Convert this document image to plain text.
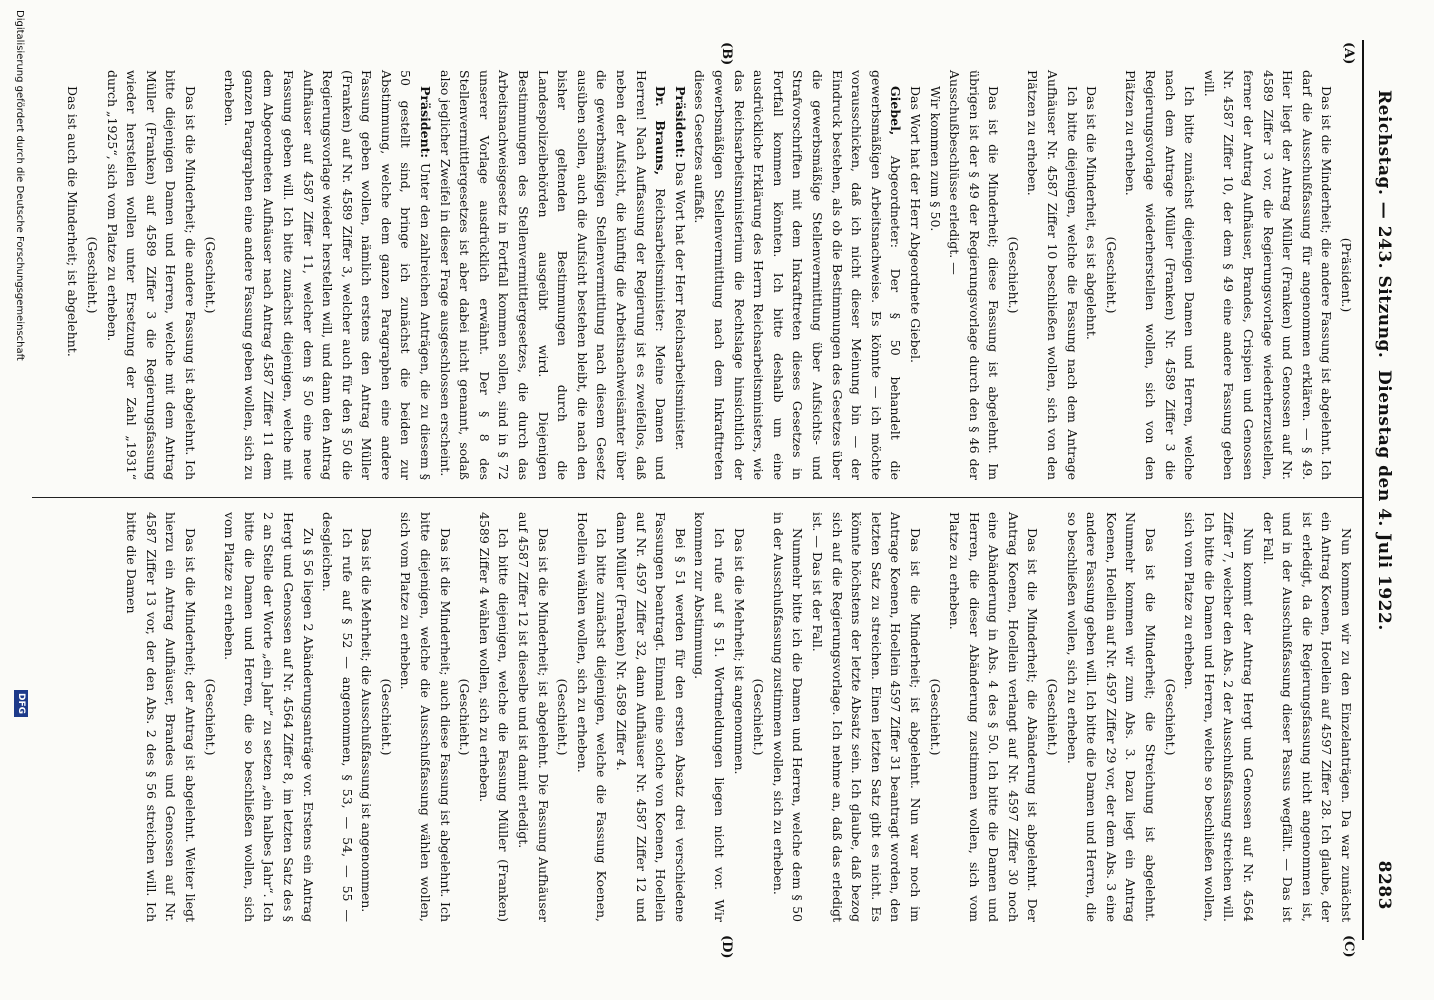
Reichstag. — 243. Sitzung.
Dienstag den 4. Juli 1922.
8283
(A)
(B)
(C)
(D)

(Präsident.)

Das ist die Minderheit; die andere Fassung ist abgelehnt. Ich darf die Ausschußfassung für angenommen erklären. — § 49. Hier liegt der Antrag Müller (Franken) und Genossen auf Nr. 4589 Ziffer 3 vor, die Regierungsvorlage wiederherzustellen, ferner der Antrag Aufhäuser, Brandes, Crispien und Genossen Nr. 4587 Ziffer 10, der dem § 49 eine andere Fassung geben will.

Ich bitte zunächst diejenigen Damen und Herren, welche nach dem Antrage Müller (Franken) Nr. 4589 Ziffer 3 die Regierungsvorlage wiederherstellen wollen, sich von den Plätzen zu erheben.

(Geschieht.)

Das ist die Minderheit, es ist abgelehnt.

Ich bitte diejenigen, welche die Fassung nach dem Antrage Aufhäuser Nr. 4587 Ziffer 10 beschließen wollen, sich von den Plätzen zu erheben.

(Geschieht.)

Das ist die Minderheit; diese Fassung ist abgelehnt. Im übrigen ist der § 49 der Regierungsvorlage durch den § 46 der Ausschußbeschlüsse erledigt. —

Wir kommen zum § 50.

Das Wort hat der Herr Abgeordnete Giebel.

Giebel, Abgeordneter: Der § 50 behandelt die gewerbsmäßigen Arbeitsnachweise. Es könnte — ich möchte vorausschicken, daß ich nicht dieser Meinung bin — der Eindruck bestehen, als ob die Bestimmungen des Gesetzes über die gewerbsmäßige Stellenvermittlung über Aufsichts- und Strafvorschriften mit dem Inkrafttreten dieses Gesetzes in Fortfall kommen könnten. Ich bitte deshalb um eine ausdrückliche Erklärung des Herrn Reichsarbeitsministers, wie das Reichsarbeitsministerium die Rechtslage hinsichtlich der gewerbsmäßigen Stellenvermittlung nach dem Inkrafttreten dieses Gesetzes auffaßt.

Präsident: Das Wort hat der Herr Reichsarbeitsminister.

Dr. Brauns, Reichsarbeitsminister: Meine Damen und Herren! Nach Auffassung der Regierung ist es zweifellos, daß neben der Aufsicht, die künftig die Arbeitsnachweisämter über die gewerbsmäßigen Stellenvermittlung nach diesem Gesetz ausüben sollen, auch die Aufsicht bestehen bleibt, die nach den bisher geltenden Bestimmungen durch die Landespolizeibehörden ausgeübt wird. Diejenigen Bestimmungen des Stellenvermittlergesetzes, die durch das Arbeitsnachweisgesetz in Fortfall kommen sollen, sind in § 72 unserer Vorlage ausdrücklich erwähnt. Der § 8 des Stellenvermittlergesetzes ist aber dabei nicht genannt, sodaß also jeglicher Zweifel in dieser Frage ausgeschlossen erscheint.

Präsident: Unter den zahlreichen Anträgen, die zu diesem § 50 gestellt sind, bringe ich zunächst die beiden zur Abstimmung, welche dem ganzen Paragraphen eine andere Fassung geben wollen, nämlich erstens den Antrag Müller (Franken) auf Nr. 4589 Ziffer 3, welcher auch für den § 50 die Regierungsvorlage wieder herstellen will, und dann den Antrag Aufhäuser auf 4587 Ziffer 11, welcher dem § 50 eine neue Fassung geben will. Ich bitte zunächst diejenigen, welche mit dem Abgeordneten Aufhäuser nach Antrag 4587 Ziffer 11 dem ganzen Paragraphen eine andere Fassung geben wollen, sich zu erheben.

(Geschieht.)

Das ist die Minderheit; die andere Fassung ist abgelehnt. Ich bitte diejenigen Damen und Herren, welche mit dem Antrag Müller (Franken) auf 4589 Ziffer 3 die Regierungsfassung wieder herstellen wollen unter Ersetzung der Zahl „1931“ durch „1925“, sich vom Platze zu erheben.

(Geschieht.)

Das ist auch die Minderheit; ist abgelehnt.

Nun kommen wir zu den Einzelanträgen. Da war zunächst ein Antrag Koenen, Hoellein auf 4597 Ziffer 28. Ich glaube, der ist erledigt, da die Regierungsfassung nicht angenommen ist, und in der Ausschußfassung dieser Passus wegfällt. — Das ist der Fall.

Nun kommt der Antrag Hergt und Genossen auf Nr. 4564 Ziffer 7, welcher den Abs. 2 der Ausschußfassung streichen will. Ich bitte die Damen und Herren, welche so beschließen wollen, sich vom Platze zu erheben.

(Geschieht.)

Das ist die Minderheit; die Streichung ist abgelehnt. Nunmehr kommen wir zum Abs. 3. Dazu liegt ein Antrag Koenen, Hoellein auf Nr. 4597 Ziffer 29 vor, der dem Abs. 3 eine andere Fassung geben will. Ich bitte die Damen und Herren, die so beschließen wollen, sich zu erheben.

(Geschieht.)

Das ist die Minderheit; die Abänderung ist abgelehnt. Der Antrag Koenen, Hoellein verlangt auf Nr. 4597 Ziffer 30 noch eine Abänderung in Abs. 4 des § 50. Ich bitte die Damen und Herren, die dieser Abänderung zustimmen wollen, sich vom Platze zu erheben.

(Geschieht.)

Das ist die Minderheit; ist abgelehnt. Nun war noch im Antrage Koenen, Hoellein 4597 Ziffer 31 beantragt worden, den letzten Satz zu streichen. Einen letzten Satz gibt es nicht. Es könnte höchstens der letzte Absatz sein. Ich glaube, daß bezog sich auf die Regierungsvorlage. Ich nehme an, daß das erledigt ist. — Das ist der Fall.

Nunmehr bitte ich die Damen und Herren, welche dem § 50 in der Ausschußfassung zustimmen wollen, sich zu erheben.

(Geschieht.)

Das ist die Mehrheit; ist angenommen.

Ich rufe auf § 51. Wortmeldungen liegen nicht vor. Wir kommen zur Abstimmung.

Bei § 51 werden für den ersten Absatz drei verschiedene Fassungen beantragt. Einmal eine solche von Koenen, Hoellein auf Nr. 4597 Ziffer 32, dann Aufhäuser Nr. 4587 Ziffer 12 und dann Müller (Franken) Nr. 4589 Ziffer 4.

Ich bitte zunächst diejenigen, welche die Fassung Koenen, Hoellein wählen wollen, sich zu erheben.

(Geschieht.)

Das ist die Minderheit; ist abgelehnt. Die Fassung Aufhäuser auf 4587 Ziffer 12 ist dieselbe und ist damit erledigt.

Ich bitte diejenigen, welche die Fassung Müller (Franken) 4589 Ziffer 4 wählen wollen, sich zu erheben.

(Geschieht.)

Das ist die Minderheit; auch diese Fassung ist abgelehnt. Ich bitte diejenigen, welche die Ausschußfassung wählen wollen, sich vom Platze zu erheben.

(Geschieht.)

Das ist die Mehrheit; die Ausschußfassung ist angenommen.

Ich rufe auf § 52 — angenommen, § 53, — 54, — 55 — desgleichen.

Zu § 56 liegen 2 Abänderungsanträge vor. Erstens ein Antrag Hergt und Genossen auf Nr. 4564 Ziffer 8, im letzten Satz des § 2 an Stelle der Worte „ein Jahr“ zu setzen „ein halbes Jahr“. Ich bitte die Damen und Herren, die so beschließen wollen, sich vom Platze zu erheben.

(Geschieht.)

Das ist die Minderheit; der Antrag ist abgelehnt. Weiter liegt hierzu ein Antrag Aufhäuser, Brandes und Genossen auf Nr. 4587 Ziffer 13 vor, der den Abs. 2 des § 56 streichen will. Ich bitte die Damen

Digitalisierung gefördert durch die Deutsche Forschungsgemeinschaft
DFG
